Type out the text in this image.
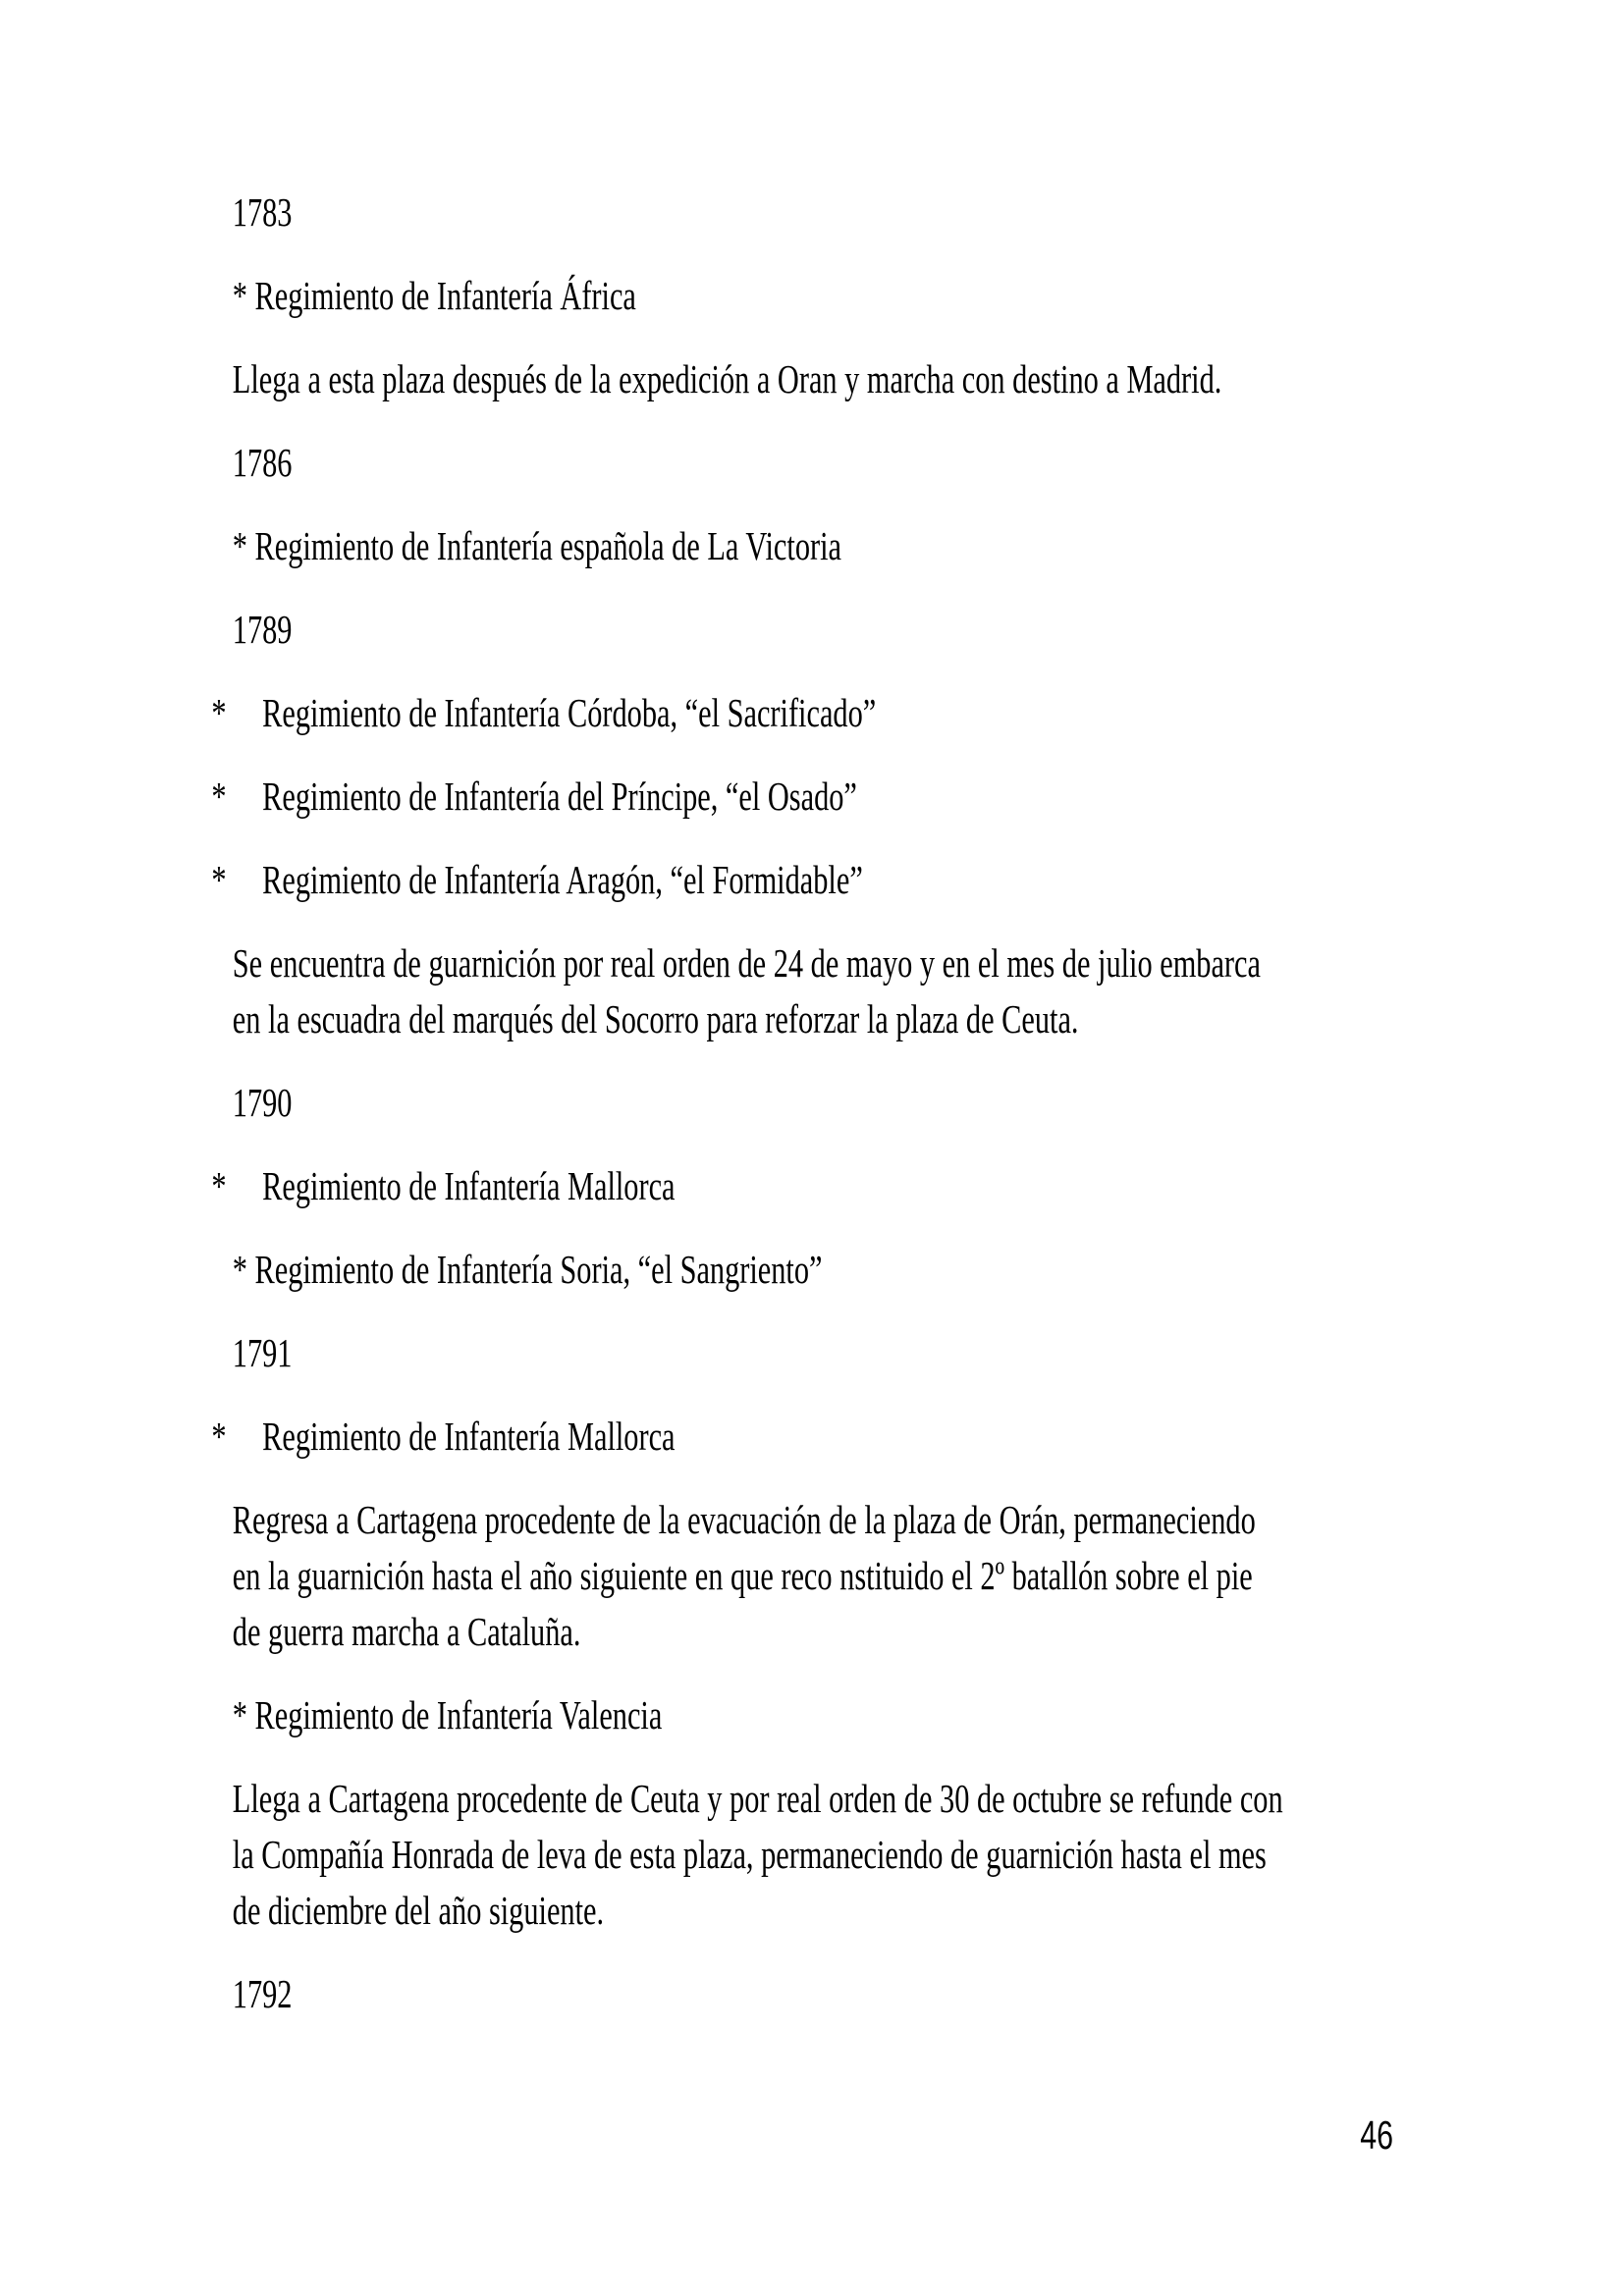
1783

* Regimiento de Infantería África

Llega a esta plaza después de la expedición a Oran y marcha con destino a Madrid.

1786

* Regimiento de Infantería española de La Victoria

1789

* Regimiento de Infantería Córdoba, “el Sacrificado”

* Regimiento de Infantería del Príncipe, “el Osado”

* Regimiento de Infantería Aragón, “el Formidable”

Se encuentra de guarnición por real orden de 24 de mayo y en el mes de julio embarca
en la escuadra del marqués del Socorro para reforzar la plaza de Ceuta.

1790

* Regimiento de Infantería Mallorca

* Regimiento de Infantería Soria, “el Sangriento”

1791

* Regimiento de Infantería Mallorca

Regresa a Cartagena procedente de la evacuación de la plaza de Orán, permaneciendo
en la guarnición hasta el año siguiente en que reco nstituido el 2º batallón sobre el pie
de guerra marcha a Cataluña.

* Regimiento de Infantería Valencia

Llega a Cartagena procedente de Ceuta y por real orden de 30 de octubre se refunde con
la Compañía Honrada de leva de esta plaza, permaneciendo de guarnición hasta el mes
de diciembre del año siguiente.

1792

46
